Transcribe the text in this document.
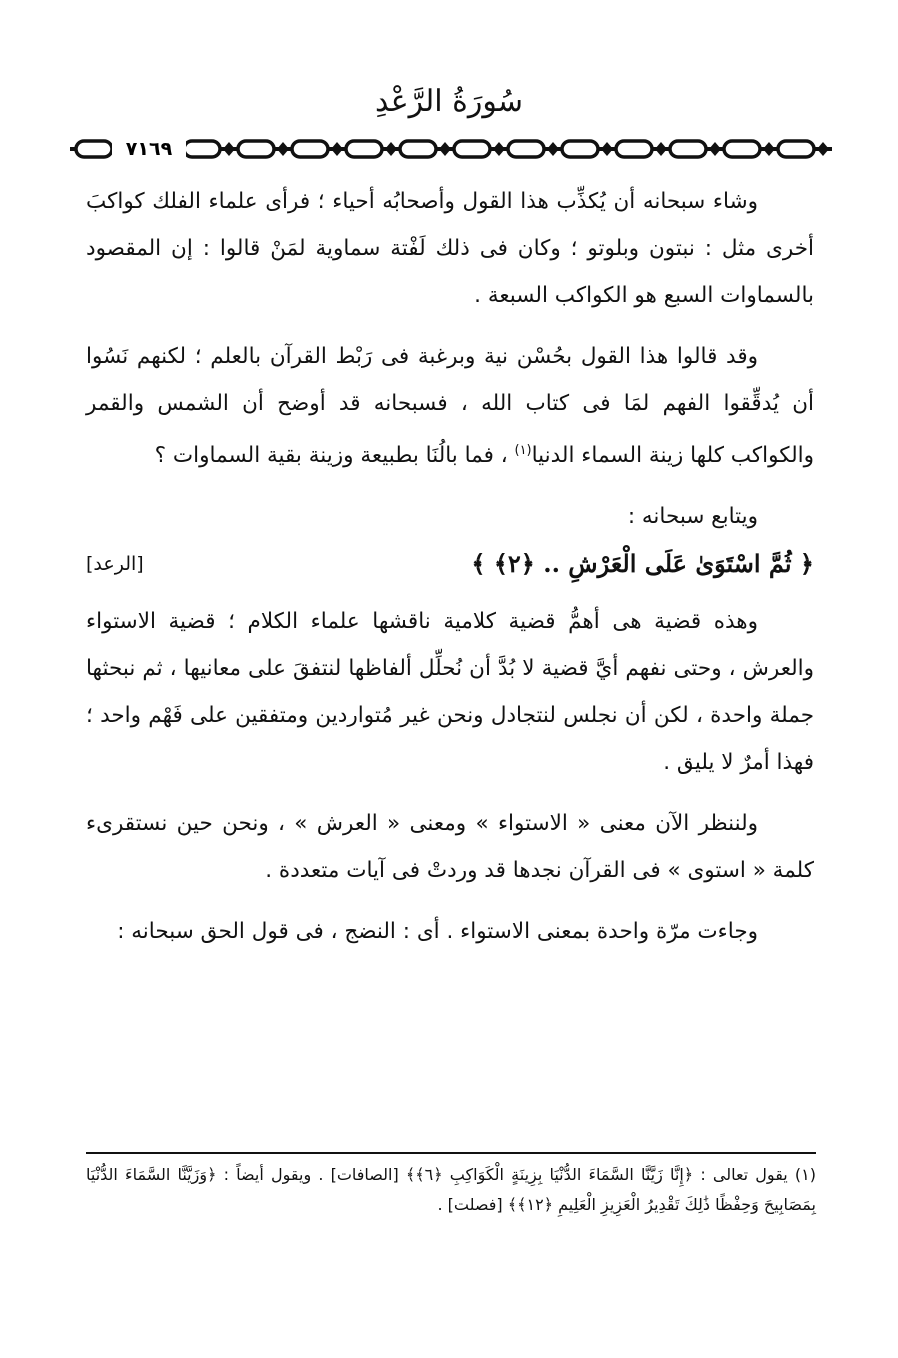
سُورَةُ الرَّعْدِ
٧١٦٩

وشاء سبحانه أن يُكذِّب هذا القول وأصحابُه أحياء ؛ فرأى علماء الفلك كواكبَ أخرى مثل : نبتون وبلوتو ؛ وكان فى ذلك لَفْتة سماوية لمَنْ قالوا : إن المقصود بالسماوات السبع هو الكواكب السبعة .

وقد قالوا هذا القول بحُسْن نية وبرغبة فى رَبْط القرآن بالعلم ؛ لكنهم نَسُوا أن يُدقِّقوا الفهم لمَا فى كتاب الله ، فسبحانه قد أوضح أن الشمس والقمر والكواكب كلها زينة السماء الدنيا$^{(١)}$ ، فما بالُنَا بطبيعة وزينة بقية السماوات ؟

ويتابع سبحانه :

﴿ ثُمَّ اسْتَوَىٰ عَلَى الْعَرْشِ .. ﴿٢﴾ ﴾
[الرعد]

وهذه قضية هى أهمُّ قضية كلامية ناقشها علماء الكلام ؛ قضية الاستواء والعرش ، وحتى نفهم أيَّ قضية لا بُدَّ أن نُحلِّل ألفاظها لنتفقَ على معانيها ، ثم نبحثها جملة واحدة ، لكن أن نجلس لنتجادل ونحن غير مُتواردين ومتفقين على فَهْم واحد ؛ فهذا أمرٌ لا يليق .

ولننظر الآن معنى « الاستواء » ومعنى « العرش » ، ونحن حين نستقرىء كلمة « استوى » فى القرآن نجدها قد وردتْ فى آيات متعددة .

وجاءت مرّة واحدة بمعنى الاستواء . أى : النضج ، فى قول الحق سبحانه :

(١) يقول تعالى : ﴿إِنَّا زَيَّنَّا السَّمَاءَ الدُّنْيَا بِزِينَةٍ الْكَوَاكِبِ ﴿٦﴾﴾ [الصافات] . ويقول أيضاً : ﴿وَزَيَّنَّا السَّمَاءَ الدُّنْيَا بِمَصَابِيحَ وَحِفْظًا ذَٰلِكَ تَقْدِيرُ الْعَزِيزِ الْعَلِيمِ ﴿١٢﴾﴾ [فصلت] .
